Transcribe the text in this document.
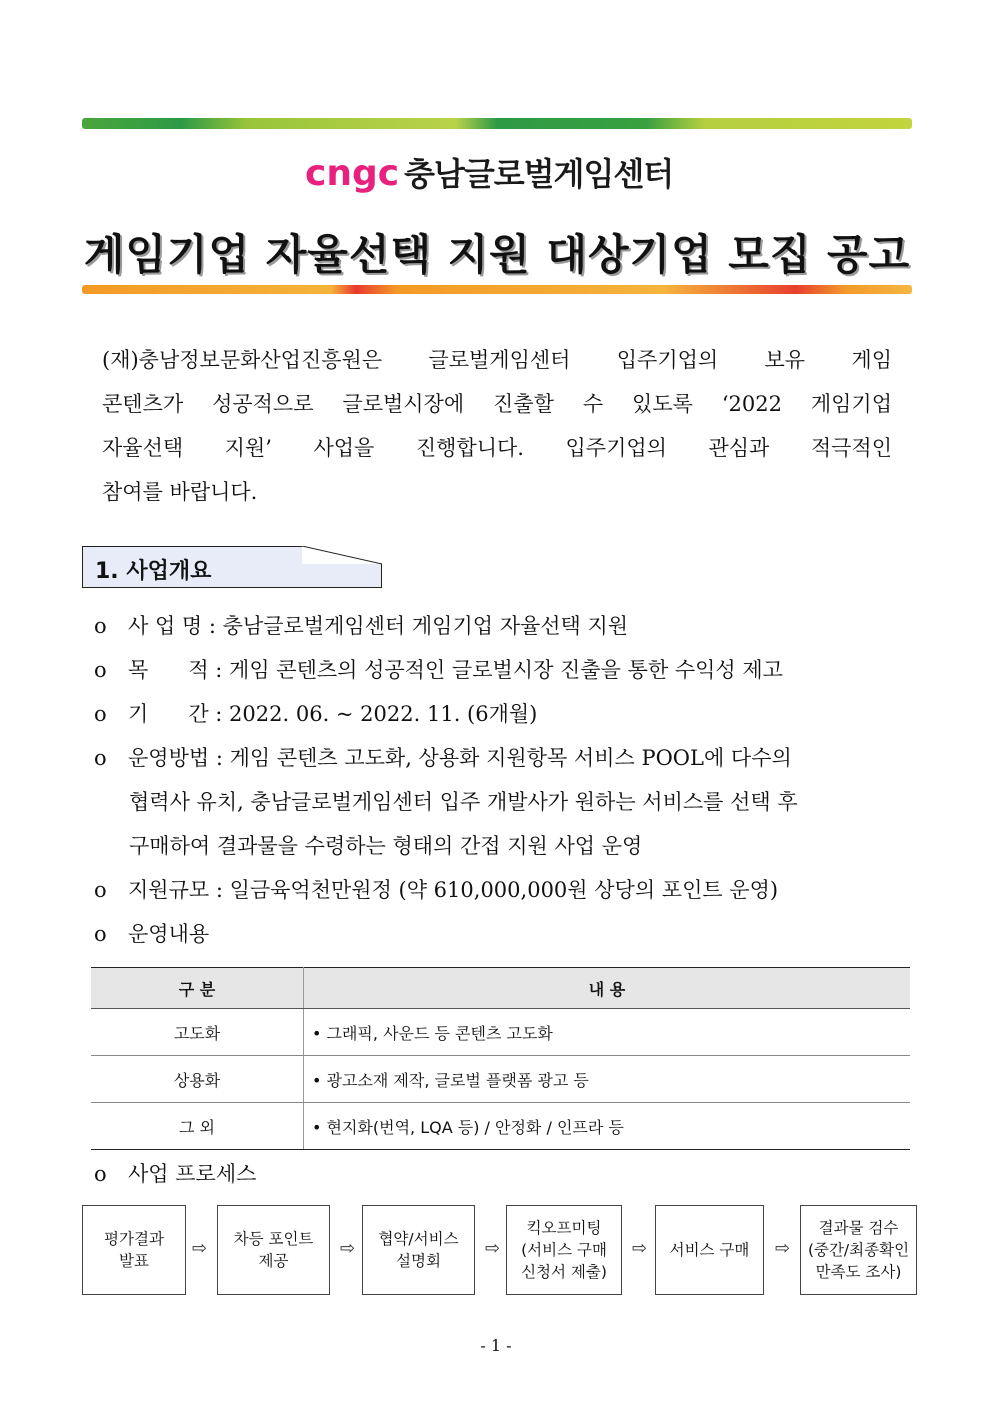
cngc 충남글로벌게임센터
게임기업 자율선택 지원 대상기업 모집 공고
(재)충남정보문화산업진흥원은 글로벌게임센터 입주기업의 보유 게임
콘텐츠가 성공적으로 글로벌시장에 진출할 수 있도록 ‘2022 게임기업
자율선택 지원’ 사업을 진행합니다. 입주기업의 관심과 적극적인
참여를 바랍니다.
1. 사업개요
o 사 업 명 : 충남글로벌게임센터 게임기업 자율선택 지원
o 목      적 : 게임 콘텐츠의 성공적인 글로벌시장 진출을 통한 수익성 제고
o 기      간 : 2022. 06. ~ 2022. 11. (6개월)
o 운영방법 : 게임 콘텐츠 고도화, 상용화 지원항목 서비스 POOL에 다수의
협력사 유치, 충남글로벌게임센터 입주 개발사가 원하는 서비스를 선택 후
구매하여 결과물을 수령하는 형태의 간접 지원 사업 운영
o 지원규모 : 일금육억천만원정 (약 610,000,000원 상당의 포인트 운영)
o 운영내용
구 분	내 용
고도화	• 그래픽, 사운드 등 콘텐츠 고도화
상용화	• 광고소재 제작, 글로벌 플랫폼 광고 등
그 외	• 현지화(번역, LQA 등) / 안정화 / 인프라 등
o 사업 프로세스
평가결과
발표
⇨	차등 포인트
제공
⇨	협약/서비스
설명회
⇨
킥오프미팅
(서비스 구매
신청서 제출)
⇨	서비스 구매	⇨
결과물 검수
(중간/최종확인
만족도 조사)
- 1 -
